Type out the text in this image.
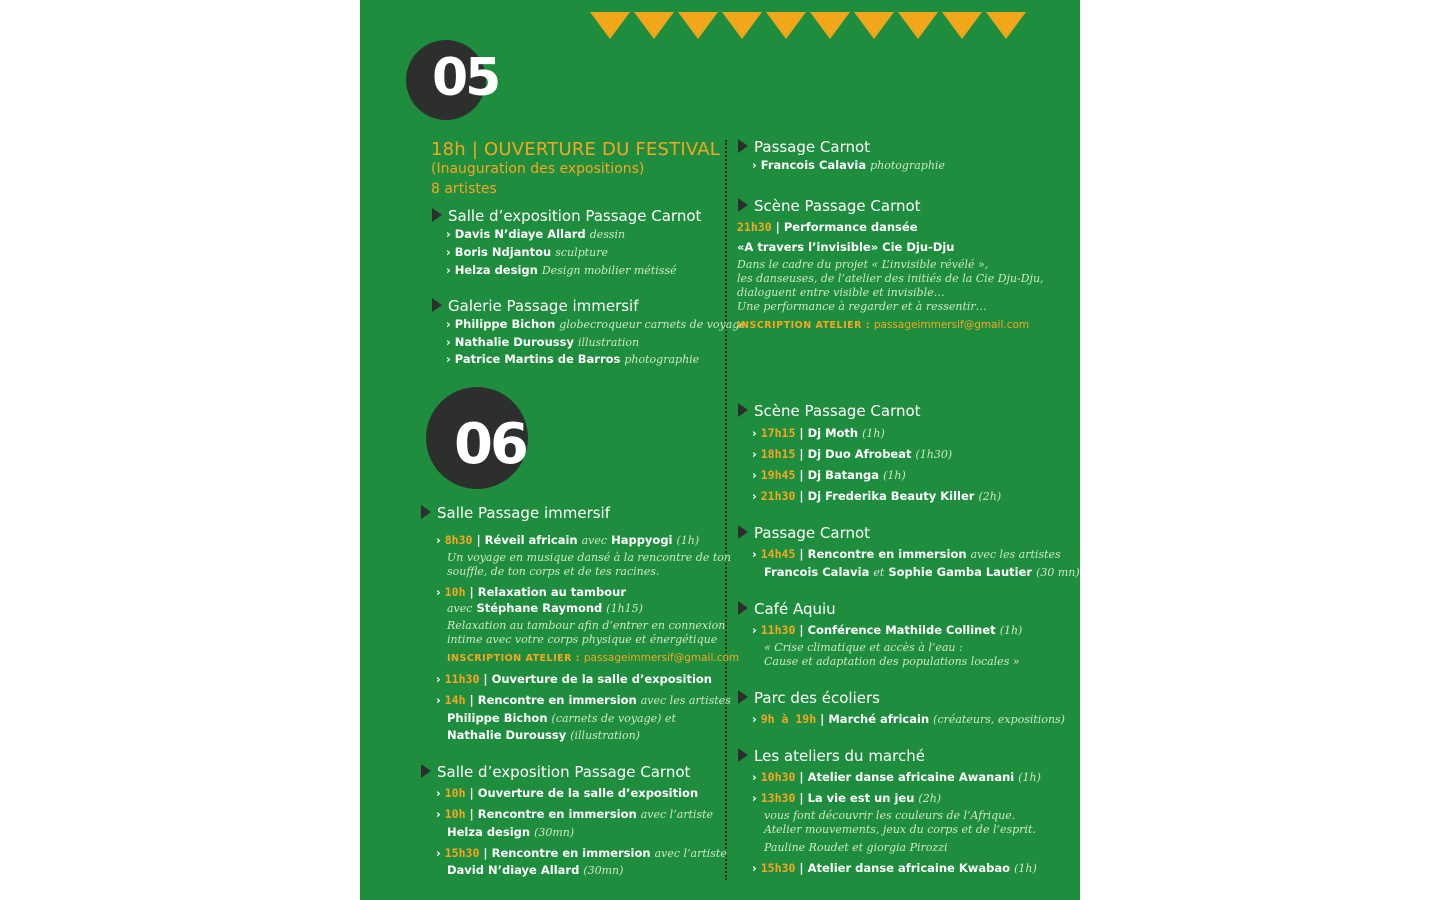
05
18h | OUVERTURE DU FESTIVAL
(Inauguration des expositions)
8 artistes
Salle d’exposition Passage Carnot
› Davis N’diaye Allard dessin
› Boris Ndjantou sculpture
› Helza design Design mobilier métissé
Galerie Passage immersif
› Philippe Bichon globecroqueur carnets de voyage
› Nathalie Duroussy illustration
› Patrice Martins de Barros photographie
Passage Carnot
› Francois Calavia photographie
Scène Passage Carnot
21h30 | Performance dansée
«A travers l’invisible» Cie Dju-Dju
Dans le cadre du projet « L’invisible révélé »,
les danseuses, de l’atelier des initiés de la Cie Dju-Dju,
dialoguent entre visible et invisible…
Une performance à regarder et à ressentir…
INSCRIPTION ATELIER : passageimmersif@gmail.com
06
Salle Passage immersif
› 8h30 | Réveil africain avec Happyogi (1h)
Un voyage en musique dansé à la rencontre de ton
souffle, de ton corps et de tes racines.
› 10h | Relaxation au tambour
avec Stéphane Raymond (1h15)
Relaxation au tambour afin d’entrer en connexion
intime avec votre corps physique et énergétique
INSCRIPTION ATELIER : passageimmersif@gmail.com
› 11h30 | Ouverture de la salle d’exposition
› 14h | Rencontre en immersion avec les artistes
Philippe Bichon (carnets de voyage) et
Nathalie Duroussy (illustration)
Salle d’exposition Passage Carnot
› 10h | Ouverture de la salle d’exposition
› 10h | Rencontre en immersion avec l’artiste
Helza design (30mn)
› 15h30 | Rencontre en immersion avec l’artiste
David N’diaye Allard (30mn)
Scène Passage Carnot
› 17h15 | Dj Moth (1h)
› 18h15 | Dj Duo Afrobeat (1h30)
› 19h45 | Dj Batanga (1h)
› 21h30 | Dj Frederika Beauty Killer (2h)
Passage Carnot
› 14h45 | Rencontre en immersion avec les artistes
Francois Calavia et Sophie Gamba Lautier (30 mn)
Café Aquiu
› 11h30 | Conférence Mathilde Collinet (1h)
« Crise climatique et accès à l’eau :
Cause et adaptation des populations locales »
Parc des écoliers
› 9h à 19h | Marché africain (créateurs, expositions)
Les ateliers du marché
› 10h30 | Atelier danse africaine Awanani (1h)
› 13h30 | La vie est un jeu (2h)
vous font découvrir les couleurs de l’Afrique.
Atelier mouvements, jeux du corps et de l’esprit.
Pauline Roudet et giorgia Pirozzi
› 15h30 | Atelier danse africaine Kwabao (1h)
